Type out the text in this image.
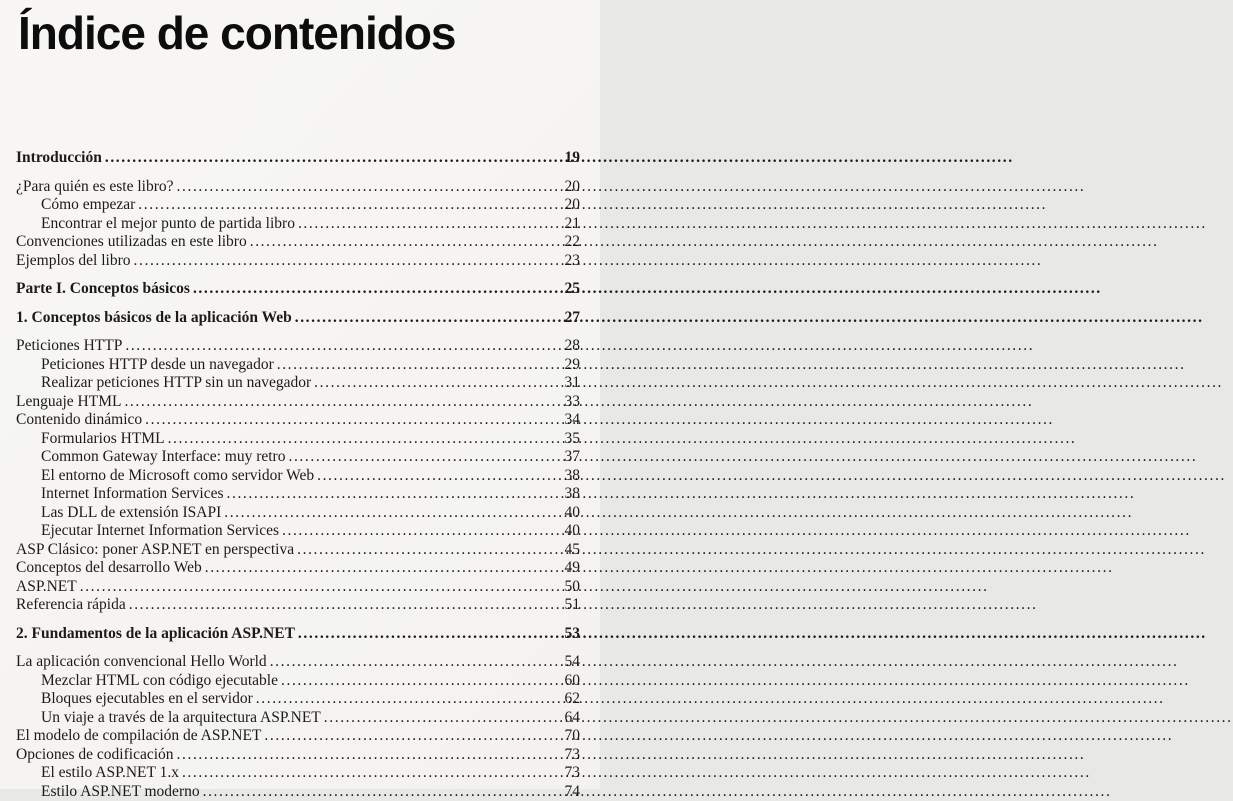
Índice de contenidos
Introducción .....	19
¿Para quién es este libro? .....	20
Cómo empezar .....	20
Encontrar el mejor punto de partida libro .....	21
Convenciones utilizadas en este libro .....	22
Ejemplos del libro .....	23
Parte I. Conceptos básicos .....	25
1. Conceptos básicos de la aplicación Web .....	27
Peticiones HTTP .....	28
Peticiones HTTP desde un navegador .....	29
Realizar peticiones HTTP sin un navegador .....	31
Lenguaje HTML .....	33
Contenido dinámico .....	34
Formularios HTML .....	35
Common Gateway Interface: muy retro .....	37
El entorno de Microsoft como servidor Web .....	38
Internet Information Services .....	38
Las DLL de extensión ISAPI .....	40
Ejecutar Internet Information Services .....	40
ASP Clásico: poner ASP.NET en perspectiva .....	45
Conceptos del desarrollo Web .....	49
ASP.NET .....	50
Referencia rápida .....	51
2. Fundamentos de la aplicación ASP.NET .....	53
La aplicación convencional Hello World .....	54
Mezclar HTML con código ejecutable .....	60
Bloques ejecutables en el servidor .....	62
Un viaje a través de la arquitectura ASP.NET .....	64
El modelo de compilación de ASP.NET .....	70
Opciones de codificación .....	73
El estilo ASP.NET 1.x .....	73
Estilo ASP.NET moderno .....	74
